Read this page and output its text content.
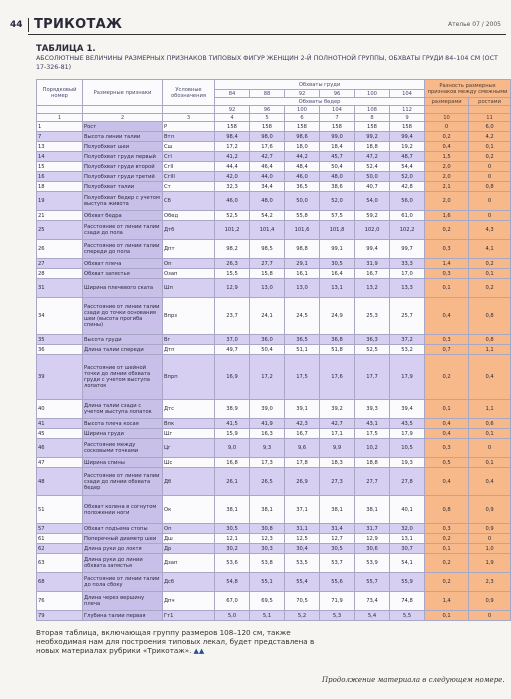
44 ТРИКОТАЖ	Ателье 07 / 2005
ТАБЛИЦА 1.
АБСОЛЮТНЫЕ ВЕЛИЧИНЫ РАЗМЕРНЫХ ПРИЗНАКОВ ТИПОВЫХ ФИГУР ЖЕНЩИН 2-Й ПОЛНОТНОЙ ГРУППЫ, ОБХВАТЫ ГРУДИ 84–104 СМ (ОСТ 17-326-81)
Порядковый номер	Размерные признаки	Условные обозначения	Обхваты груди						Разность размерных признаков между смежными	
			84	88	92	96	100	104		
			Обхваты бедер						размерами	ростами
			92	96	100	104	108	112		
1	2	3	4	5	6	7	8	9	10	11
1	Рост	Р	158	158	158	158	158	158	0	6,0
7	Высота линии талии	Втл	98,4	98,0	98,6	99,0	99,2	99,4	0,2	4,2
13	Полуобхват шеи	Сш	17,2	17,6	18,0	18,4	18,8	19,2	0,4	0,1
14	Полуобхват груди первый	СгI	41,2	42,7	44,2	45,7	47,2	48,7	1,5	0,2
15	Полуобхват груди второй	СгII	44,4	46,4	48,4	50,4	52,4	54,4	2,0	0
16	Полуобхват груди третий	СгIII	42,0	44,0	46,0	48,0	50,0	52,0	2,0	0
18	Полуобхват талии	Ст	32,3	34,4	36,5	38,6	40,7	42,8	2,1	0,8
19	Полуобхват бедер с учетом выступа живота	Сб	46,0	48,0	50,0	52,0	54,0	56,0	2,0	0
21	Обхват бедра	Обед	52,5	54,2	55,8	57,5	59,2	61,0	1,6	0
25	Расстояние от линии талии сзади до пола	Дтб	101,2	101,4	101,6	101,8	102,0	102,2	0,2	4,3
26	Расстояние от линии талии спереди до пола	Дпт	98,2	98,5	98,8	99,1	99,4	99,7	0,3	4,1
27	Обхват плеча	Оп	26,3	27,7	29,1	30,5	31,9	33,3	1,4	0,2
28	Обхват запястья	Озап	15,5	15,8	16,1	16,4	16,7	17,0	0,3	0,1
31	Ширина плечевого ската	Шп	12,9	13,0	13,0	13,1	13,2	13,3	0,1	0,2
34	Расстояние от линии талии сзади до точки основания шеи (высота прогиба спины)	Впрз	23,7	24,1	24,5	24,9	25,3	25,7	0,4	0,8
35	Высота груди	Вг	37,0	36,0	36,5	36,8	36,3	37,2	0,3	0,8
36	Длина талии спереди	Дтп	49,7	50,4	51,1	51,8	52,5	53,2	0,7	1,1
39	Расстояние от шейной точки до линии обхвата груди с учетом выступа лопаток	Впрп	16,9	17,2	17,5	17,6	17,7	17,9	0,2	0,4
40	Длина талии сзади с учетом выступа лопаток	Дтс	38,9	39,0	39,1	39,2	39,3	39,4	0,1	1,1
41	Высота плеча косая	Впк	41,5	41,9	42,3	42,7	43,1	43,5	0,4	0,6
45	Ширина груди	Шг	15,9	16,3	16,7	17,1	17,5	17,9	0,4	0,1
46	Расстояние между сосковыми точками	Цг	9,0	9,3	9,6	9,9	10,2	10,5	0,3	0
47	Ширина спины	Шс	16,8	17,3	17,8	18,3	18,8	19,3	0,5	0,1
48	Расстояние от линии талии сзади до линии обхвата бедер	Дб	26,1	26,5	26,9	27,3	27,7	27,8	0,4	0,4
51	Обхват колена в согнутом положении ноги	Ок	38,1	38,1	37,1	38,1	38,1	40,1	0,8	0,9
57	Обхват подъема стопы	Оп	30,5	30,8	31,1	31,4	31,7	32,0	0,3	0,9
61	Поперечный диаметр шеи	Дш	12,1	12,3	12,5	12,7	12,9	13,1	0,2	0
62	Длина руки до локтя	Др	30,2	30,3	30,4	30,5	30,6	30,7	0,1	1,0
63	Длина руки до линии обхвата запястья	Дзап	53,6	53,8	53,5	53,7	53,9	54,1	0,2	1,9
68	Расстояние от линии талии до пола сбоку	Дсб	54,8	55,1	55,4	55,6	55,7	55,9	0,2	2,3
76	Длина через вершину плеча	Дпч	67,0	69,5	70,5	71,9	73,4	74,8	1,4	0,9
79	Глубина талии первая	Гт1	5,0	5,1	5,2	5,3	5,4	5,5	0,1	0
Вторая таблица, включающая группу размеров 108–120 см, также необходимая нам для построения типовых лекал, будет представлена в новых материалах рубрики «Трикотаж». ▲▲
Продолжение материала в следующем номере.
